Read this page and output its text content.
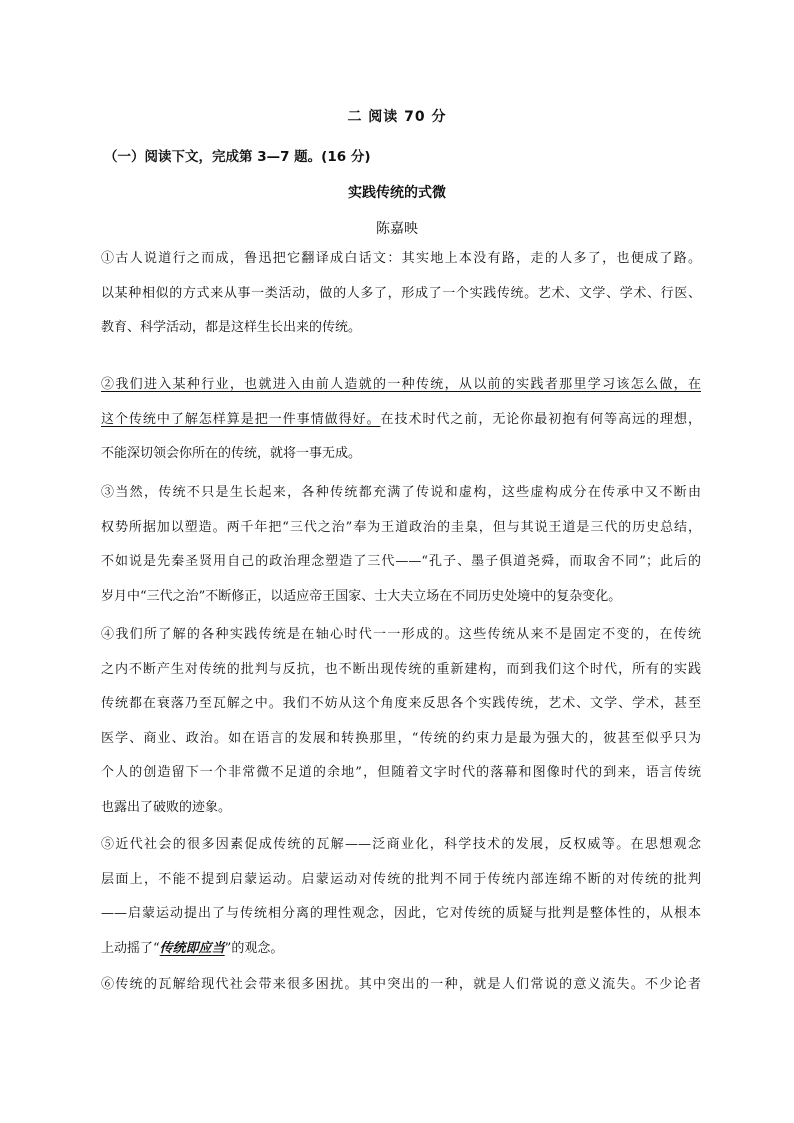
二 阅读 70 分
（一）阅读下文，完成第 3—7 题。(16 分)
实践传统的式微
陈嘉映
①古人说道行之而成，鲁迅把它翻译成白话文：其实地上本没有路，走的人多了，也便成了路。
以某种相似的方式来从事一类活动，做的人多了，形成了一个实践传统。艺术、文学、学术、行医、
教育、科学活动，都是这样生长出来的传统。
②我们进入某种行业，也就进入由前人造就的一种传统，从以前的实践者那里学习该怎么做，在
这个传统中了解怎样算是把一件事情做得好。在技术时代之前，无论你最初抱有何等高远的理想，
不能深切领会你所在的传统，就将一事无成。
③当然，传统不只是生长起来，各种传统都充满了传说和虚构，这些虚构成分在传承中又不断由
权势所据加以塑造。两千年把“三代之治”奉为王道政治的圭臬，但与其说王道是三代的历史总结，
不如说是先秦圣贤用自己的政治理念塑造了三代——“孔子、墨子俱道尧舜，而取舍不同”；此后的
岁月中“三代之治”不断修正，以适应帝王国家、士大夫立场在不同历史处境中的复杂变化。
④我们所了解的各种实践传统是在轴心时代一一形成的。这些传统从来不是固定不变的，在传统
之内不断产生对传统的批判与反抗，也不断出现传统的重新建构，而到我们这个时代，所有的实践
传统都在衰落乃至瓦解之中。我们不妨从这个角度来反思各个实践传统，艺术、文学、学术，甚至
医学、商业、政治。如在语言的发展和转换那里，“传统的约束力是最为强大的，彼甚至似乎只为
个人的创造留下一个非常微不足道的余地”，但随着文字时代的落幕和图像时代的到来，语言传统
也露出了破败的迹象。
⑤近代社会的很多因素促成传统的瓦解——泛商业化，科学技术的发展，反权威等。在思想观念
层面上，不能不提到启蒙运动。启蒙运动对传统的批判不同于传统内部连绵不断的对传统的批判
——启蒙运动提出了与传统相分离的理性观念，因此，它对传统的质疑与批判是整体性的，从根本
上动摇了“传统即应当”的观念。
⑥传统的瓦解给现代社会带来很多困扰。其中突出的一种，就是人们常说的意义流失。不少论者
